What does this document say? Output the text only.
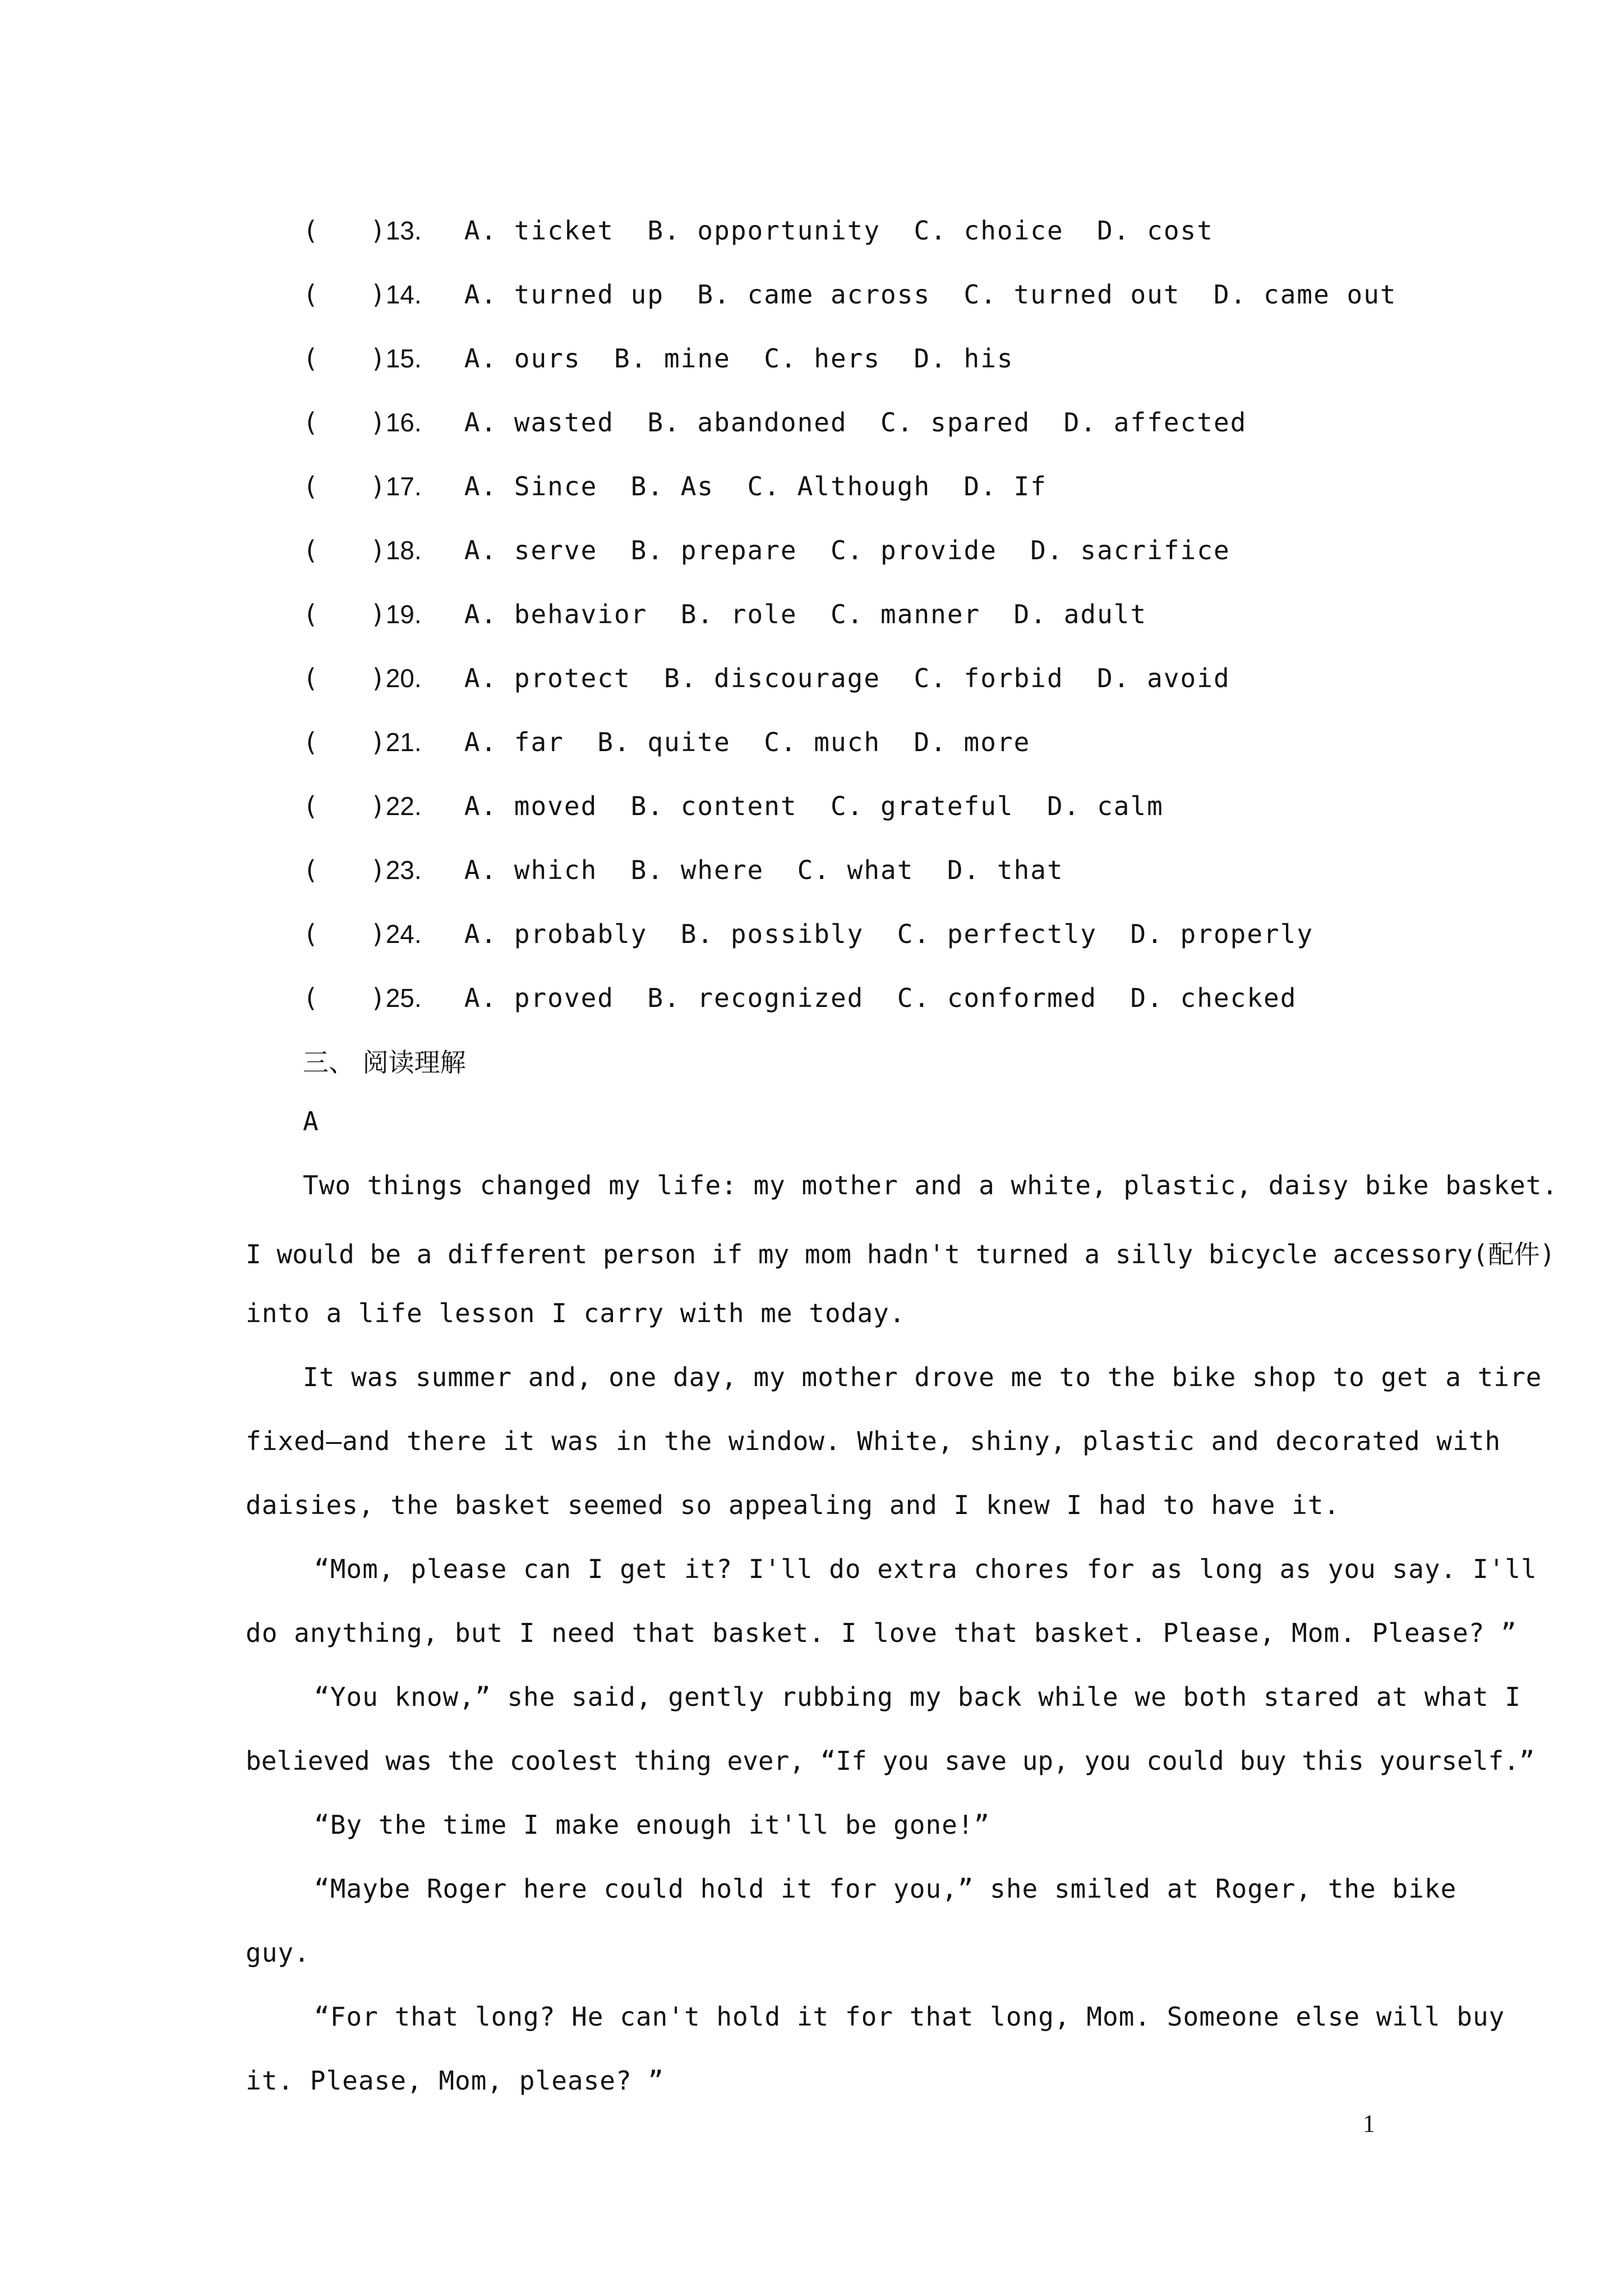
(	) 13.	A. ticket  B. opportunity  C. choice  D. cost
(	) 14.	A. turned up  B. came across  C. turned out  D. came out
(	) 15.	A. ours  B. mine  C. hers  D. his
(	) 16.	A. wasted  B. abandoned  C. spared  D. affected
(	) 17.	A. Since  B. As  C. Although  D. If
(	) 18.	A. serve  B. prepare  C. provide  D. sacrifice
(	) 19.	A. behavior  B. role  C. manner  D. adult
(	) 20.	A. protect  B. discourage  C. forbid  D. avoid
(	) 21.	A. far  B. quite  C. much  D. more
(	) 22.	A. moved  B. content  C. grateful  D. calm
(	) 23.	A. which  B. where  C. what  D. that
(	) 24.	A. probably  B. possibly  C. perfectly  D. properly
(	) 25.	A. proved  B. recognized  C. conformed  D. checked
三、 阅读理解
A
Two things changed my life: my mother and a white, plastic, daisy bike basket.
I would be a different person if my mom hadn't turned a silly bicycle accessory(配件)
into a life lesson I carry with me today.
It was summer and, one day, my mother drove me to the bike shop to get a tire
fixed—and there it was in the window. White, shiny, plastic and decorated with
daisies, the basket seemed so appealing and I knew I had to have it.
“Mom, please can I get it? I'll do extra chores for as long as you say. I'll
do anything, but I need that basket. I love that basket. Please, Mom. Please? ”
“You know,” she said, gently rubbing my back while we both stared at what I
believed was the coolest thing ever, “If you save up, you could buy this yourself.”
“By the time I make enough it'll be gone!”
“Maybe Roger here could hold it for you,” she smiled at Roger, the bike
guy.
“For that long? He can't hold it for that long, Mom. Someone else will buy
it. Please, Mom, please? ”
1
